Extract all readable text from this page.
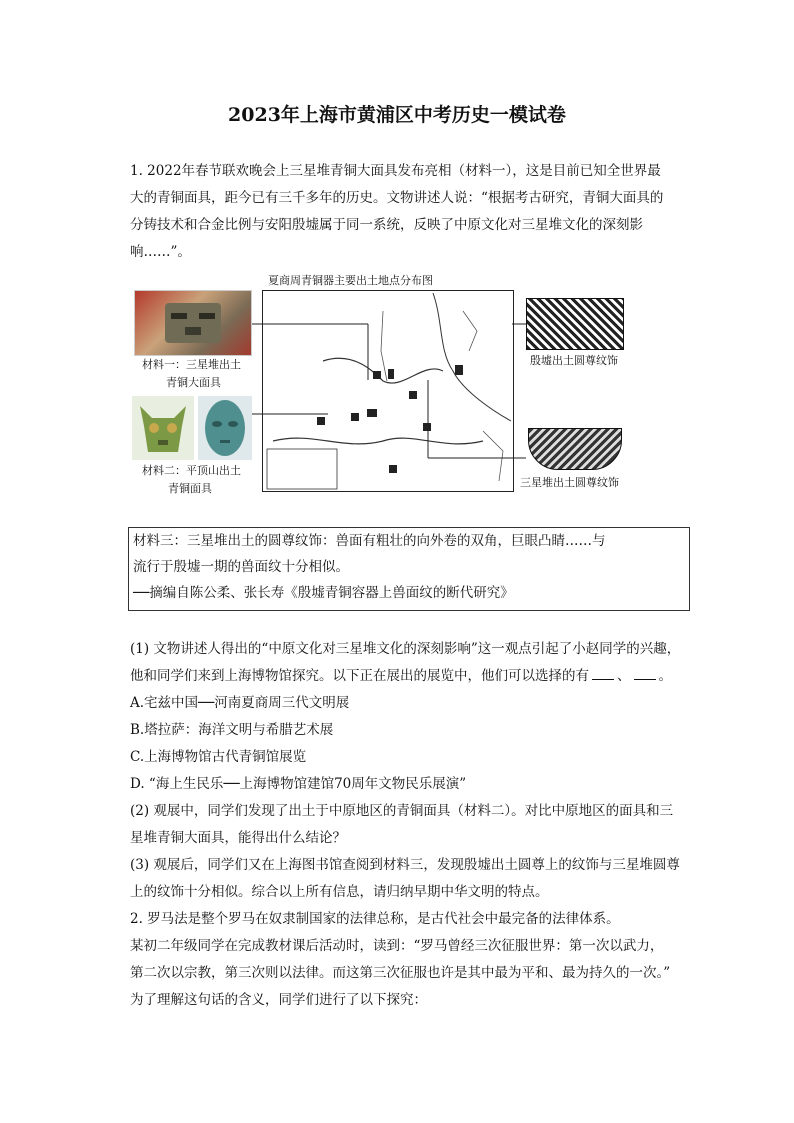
2023年上海市黄浦区中考历史一模试卷
1. 2022年春节联欢晚会上三星堆青铜大面具发布亮相（材料一），这是目前已知全世界最
大的青铜面具，距今已有三千多年的历史。文物讲述人说：“根据考古研究，青铜大面具的
分铸技术和合金比例与安阳殷墟属于同一系统，反映了中原文化对三星堆文化的深刻影
响……”。
材料一：三星堆出土
青铜大面具
材料二：平顶山出土
青铜面具
夏商周青铜器主要出土地点分布图
殷墟出土圆尊纹饰
三星堆出土圆尊纹饰
材料三：三星堆出土的圆尊纹饰：兽面有粗壮的向外卷的双角，巨眼凸睛……与
流行于殷墟一期的兽面纹十分相似。
──摘编自陈公柔、张长寿《殷墟青铜容器上兽面纹的断代研究》
(1) 文物讲述人得出的“中原文化对三星堆文化的深刻影响”这一观点引起了小赵同学的兴趣，
他和同学们来到上海博物馆探究。以下正在展出的展览中，他们可以选择的有 、 。
A.宅兹中国──河南夏商周三代文明展
B.塔拉萨：海洋文明与希腊艺术展
C.上海博物馆古代青铜馆展览
D. “海上生民乐──上海博物馆建馆70周年文物民乐展演”
(2) 观展中，同学们发现了出土于中原地区的青铜面具（材料二）。对比中原地区的面具和三
星堆青铜大面具，能得出什么结论？
(3) 观展后，同学们又在上海图书馆查阅到材料三，发现殷墟出土圆尊上的纹饰与三星堆圆尊
上的纹饰十分相似。综合以上所有信息，请归纳早期中华文明的特点。
2. 罗马法是整个罗马在奴隶制国家的法律总称，是古代社会中最完备的法律体系。
某初二年级同学在完成教材课后活动时，读到：“罗马曾经三次征服世界：第一次以武力，
第二次以宗教，第三次则以法律。而这第三次征服也许是其中最为平和、最为持久的一次。”
为了理解这句话的含义，同学们进行了以下探究：
